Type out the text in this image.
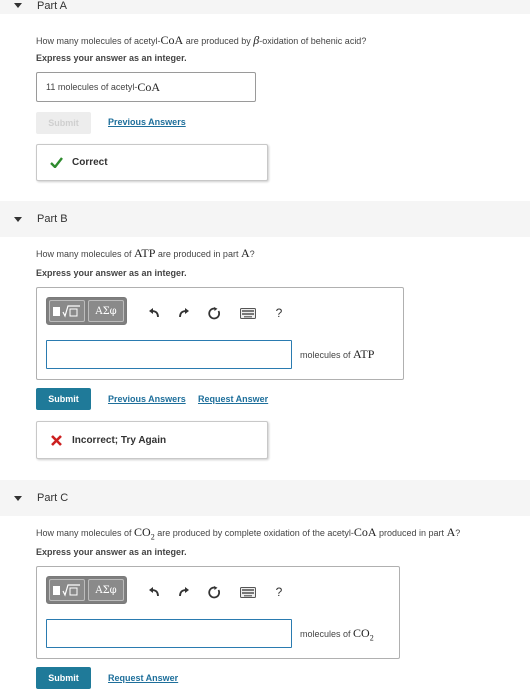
Part A
How many molecules of acetyl-CoA are produced by β-oxidation of behenic acid?
Express your answer as an integer.
11 molecules of acetyl- CoA
Submit	Previous Answers
Correct
Part B
How many molecules of ATP are produced in part A?
Express your answer as an integer.
ΑΣφ	?
molecules of ATP
Submit	Previous Answers Request Answer
Incorrect; Try Again
Part C
How many molecules of $CO_2$ are produced by complete oxidation of the acetyl-CoA produced in part A?
Express your answer as an integer.
ΑΣφ	?
molecules of $CO_2$
Submit	Request Answer
